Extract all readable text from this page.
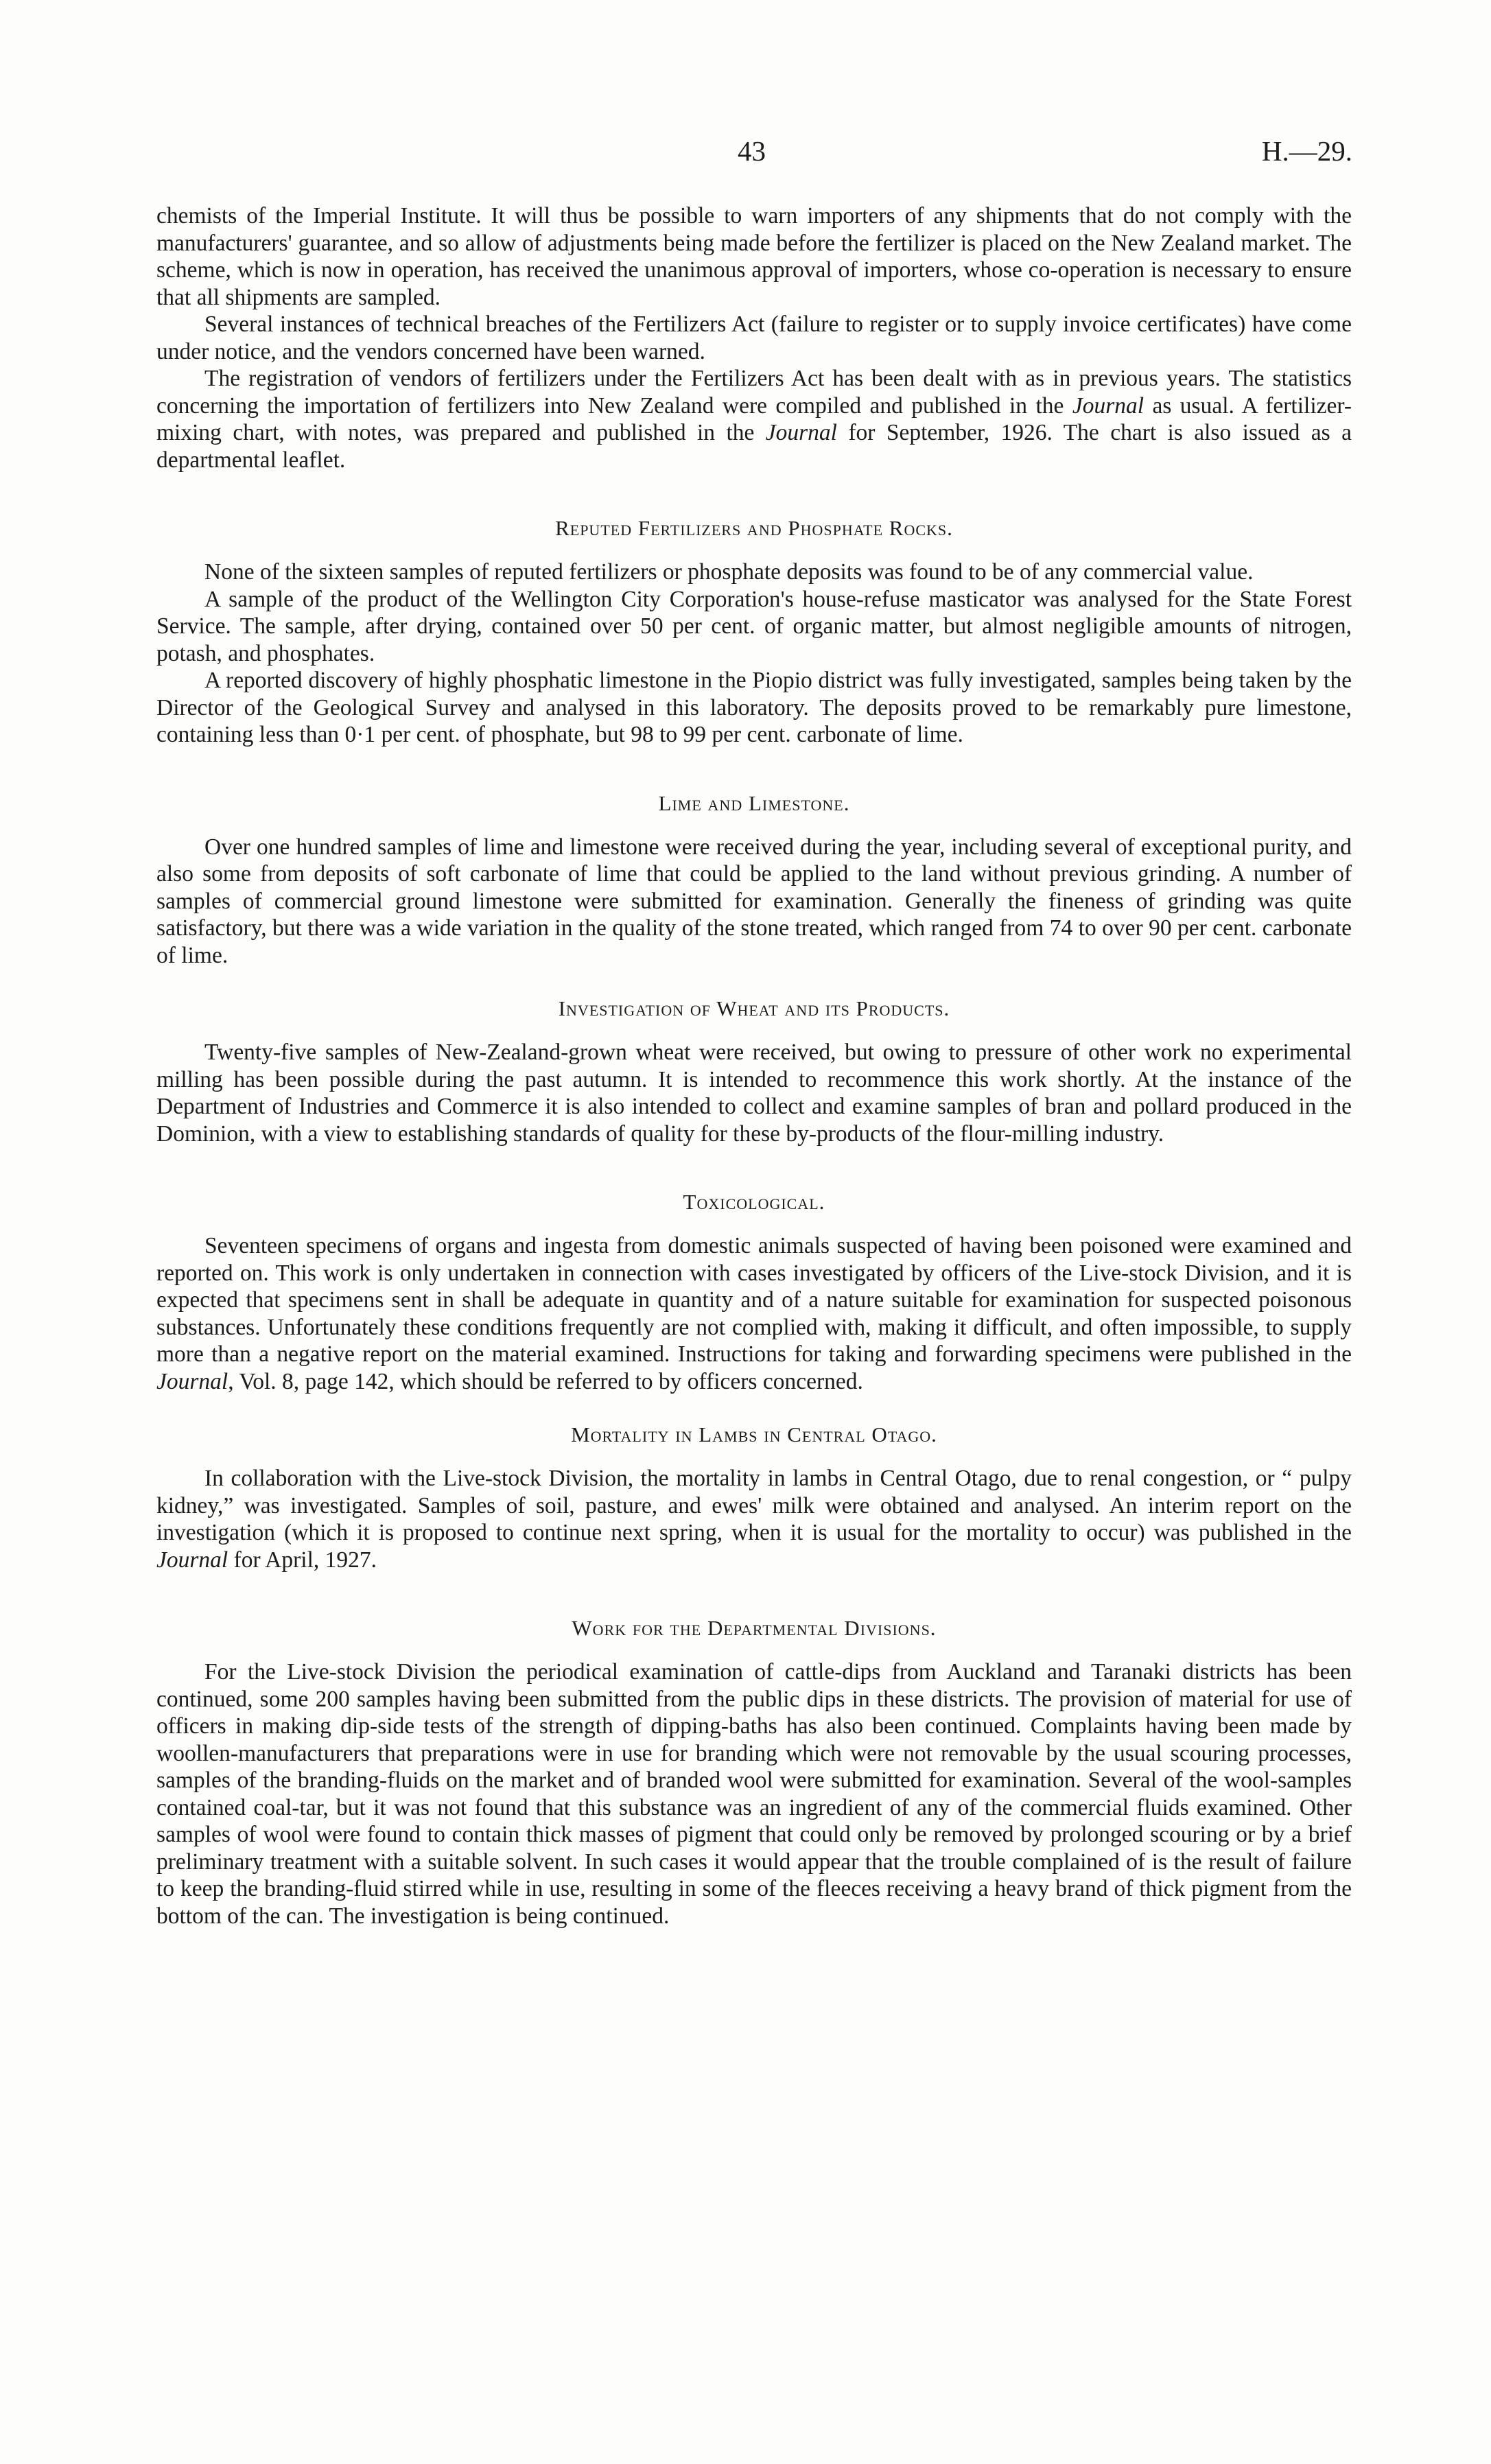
43	H.—29.

chemists of the Imperial Institute. It will thus be possible to warn importers of any shipments that do not comply with the manufacturers' guarantee, and so allow of adjustments being made before the fertilizer is placed on the New Zealand market. The scheme, which is now in operation, has received the unanimous approval of importers, whose co-operation is necessary to ensure that all shipments are sampled.

Several instances of technical breaches of the Fertilizers Act (failure to register or to supply invoice certificates) have come under notice, and the vendors concerned have been warned.

The registration of vendors of fertilizers under the Fertilizers Act has been dealt with as in previous years. The statistics concerning the importation of fertilizers into New Zealand were compiled and published in the Journal as usual. A fertilizer-mixing chart, with notes, was prepared and published in the Journal for September, 1926. The chart is also issued as a departmental leaflet.

Reputed Fertilizers and Phosphate Rocks.

None of the sixteen samples of reputed fertilizers or phosphate deposits was found to be of any commercial value.

A sample of the product of the Wellington City Corporation's house-refuse masticator was analysed for the State Forest Service. The sample, after drying, contained over 50 per cent. of organic matter, but almost negligible amounts of nitrogen, potash, and phosphates.

A reported discovery of highly phosphatic limestone in the Piopio district was fully investigated, samples being taken by the Director of the Geological Survey and analysed in this laboratory. The deposits proved to be remarkably pure limestone, containing less than 0·1 per cent. of phosphate, but 98 to 99 per cent. carbonate of lime.

Lime and Limestone.

Over one hundred samples of lime and limestone were received during the year, including several of exceptional purity, and also some from deposits of soft carbonate of lime that could be applied to the land without previous grinding. A number of samples of commercial ground limestone were submitted for examination. Generally the fineness of grinding was quite satisfactory, but there was a wide variation in the quality of the stone treated, which ranged from 74 to over 90 per cent. carbonate of lime.

Investigation of Wheat and its Products.

Twenty-five samples of New-Zealand-grown wheat were received, but owing to pressure of other work no experimental milling has been possible during the past autumn. It is intended to recommence this work shortly. At the instance of the Department of Industries and Commerce it is also intended to collect and examine samples of bran and pollard produced in the Dominion, with a view to establishing standards of quality for these by-products of the flour-milling industry.

Toxicological.

Seventeen specimens of organs and ingesta from domestic animals suspected of having been poisoned were examined and reported on. This work is only undertaken in connection with cases investigated by officers of the Live-stock Division, and it is expected that specimens sent in shall be adequate in quantity and of a nature suitable for examination for suspected poisonous substances. Unfortunately these conditions frequently are not complied with, making it difficult, and often impossible, to supply more than a negative report on the material examined. Instructions for taking and forwarding specimens were published in the Journal, Vol. 8, page 142, which should be referred to by officers concerned.

Mortality in Lambs in Central Otago.

In collaboration with the Live-stock Division, the mortality in lambs in Central Otago, due to renal congestion, or “ pulpy kidney,” was investigated. Samples of soil, pasture, and ewes' milk were obtained and analysed. An interim report on the investigation (which it is proposed to continue next spring, when it is usual for the mortality to occur) was published in the Journal for April, 1927.

Work for the Departmental Divisions.

For the Live-stock Division the periodical examination of cattle-dips from Auckland and Taranaki districts has been continued, some 200 samples having been submitted from the public dips in these districts. The provision of material for use of officers in making dip-side tests of the strength of dipping-baths has also been continued. Complaints having been made by woollen-manufacturers that preparations were in use for branding which were not removable by the usual scouring processes, samples of the branding-fluids on the market and of branded wool were submitted for examination. Several of the wool-samples contained coal-tar, but it was not found that this substance was an ingredient of any of the commercial fluids examined. Other samples of wool were found to contain thick masses of pigment that could only be removed by prolonged scouring or by a brief preliminary treatment with a suitable solvent. In such cases it would appear that the trouble complained of is the result of failure to keep the branding-fluid stirred while in use, resulting in some of the fleeces receiving a heavy brand of thick pigment from the bottom of the can. The investigation is being continued.
